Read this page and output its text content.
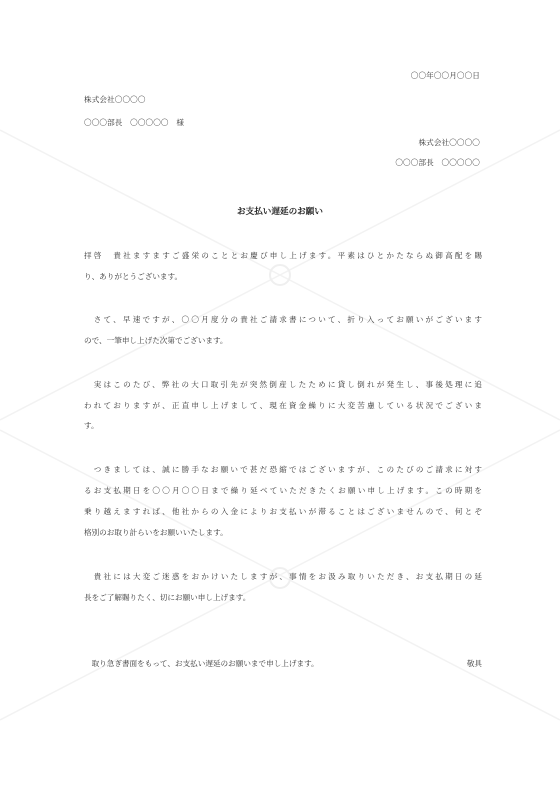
〇〇年〇〇月〇〇日
株式会社〇〇〇〇
〇〇〇部長　〇〇〇〇〇　様
株式会社〇〇〇〇
〇〇〇部長　〇〇〇〇〇
お支払い遅延のお願い
拝啓　貴社ますますご盛栄のこととお慶び申し上げます。平素はひとかたならぬ御高配を賜
り、ありがとうございます。
　さて、早速ですが、〇〇月度分の貴社ご請求書について、折り入ってお願いがございます
ので、一筆申し上げた次第でございます。
　実はこのたび、弊社の大口取引先が突然倒産したために貸し倒れが発生し、事後処理に追
われておりますが、正直申し上げまして、現在資金繰りに大変苦慮している状況でございま
す。
　つきましては、誠に勝手なお願いで甚だ恐縮ではございますが、このたびのご請求に対す
るお支払期日を〇〇月〇〇日まで繰り延べていただきたくお願い申し上げます。この時期を
乗り越えますれば、他社からの入金によりお支払いが滞ることはございませんので、何とぞ
格別のお取り計らいをお願いいたします。
　貴社には大変ご迷惑をおかけいたしますが、事情をお汲み取りいただき、お支払期日の延
長をご了解賜りたく、切にお願い申し上げます。
　取り急ぎ書面をもって、お支払い遅延のお願いまで申し上げます。	敬具
